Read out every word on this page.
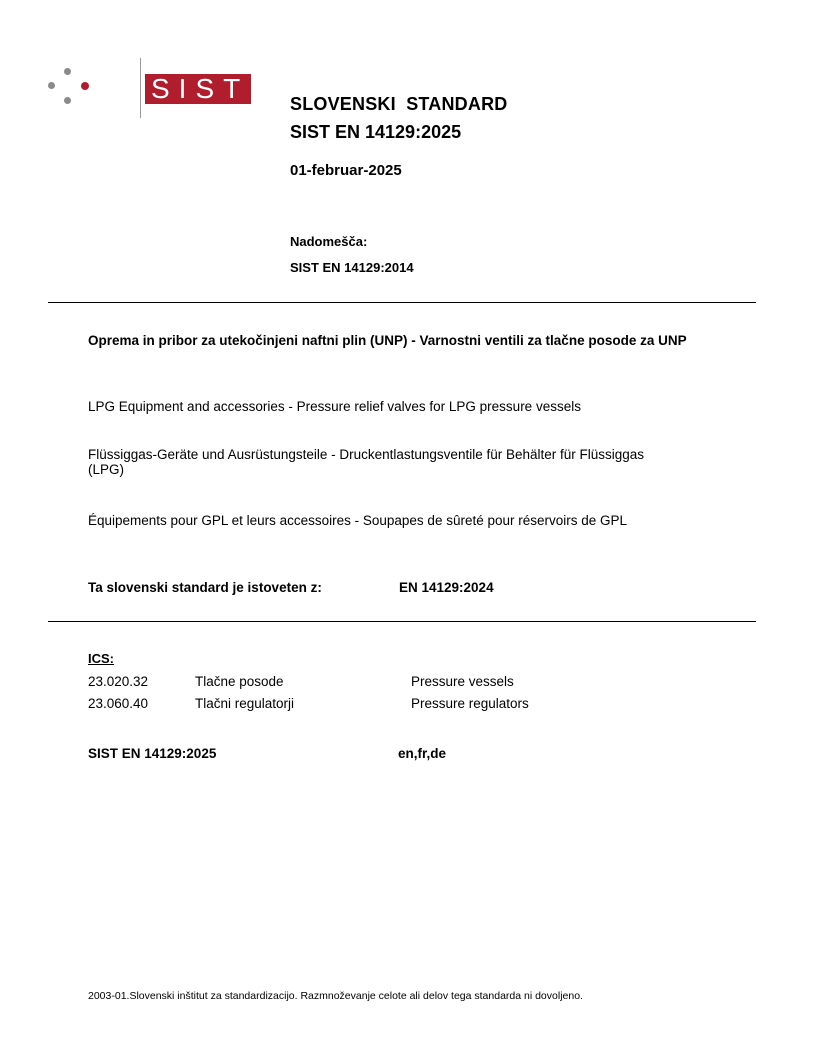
SIST SLOVENSKI  STANDARD
SIST EN 14129:2025
01-februar-2025
Nadomešča:
SIST EN 14129:2014
Oprema in pribor za utekočinjeni naftni plin (UNP) - Varnostni ventili za tlačne posode za UNP
LPG Equipment and accessories - Pressure relief valves for LPG pressure vessels
Flüssiggas-Geräte und Ausrüstungsteile - Druckentlastungsventile für Behälter für Flüssiggas (LPG)
Équipements pour GPL et leurs accessoires - Soupapes de sûreté pour réservoirs de GPL
Ta slovenski standard je istoveten z:	EN 14129:2024
ICS:
23.020.32	Tlačne posode	Pressure vessels
23.060.40	Tlačni regulatorji	Pressure regulators
SIST EN 14129:2025	en,fr,de
2003-01.Slovenski inštitut za standardizacijo. Razmnoževanje celote ali delov tega standarda ni dovoljeno.
